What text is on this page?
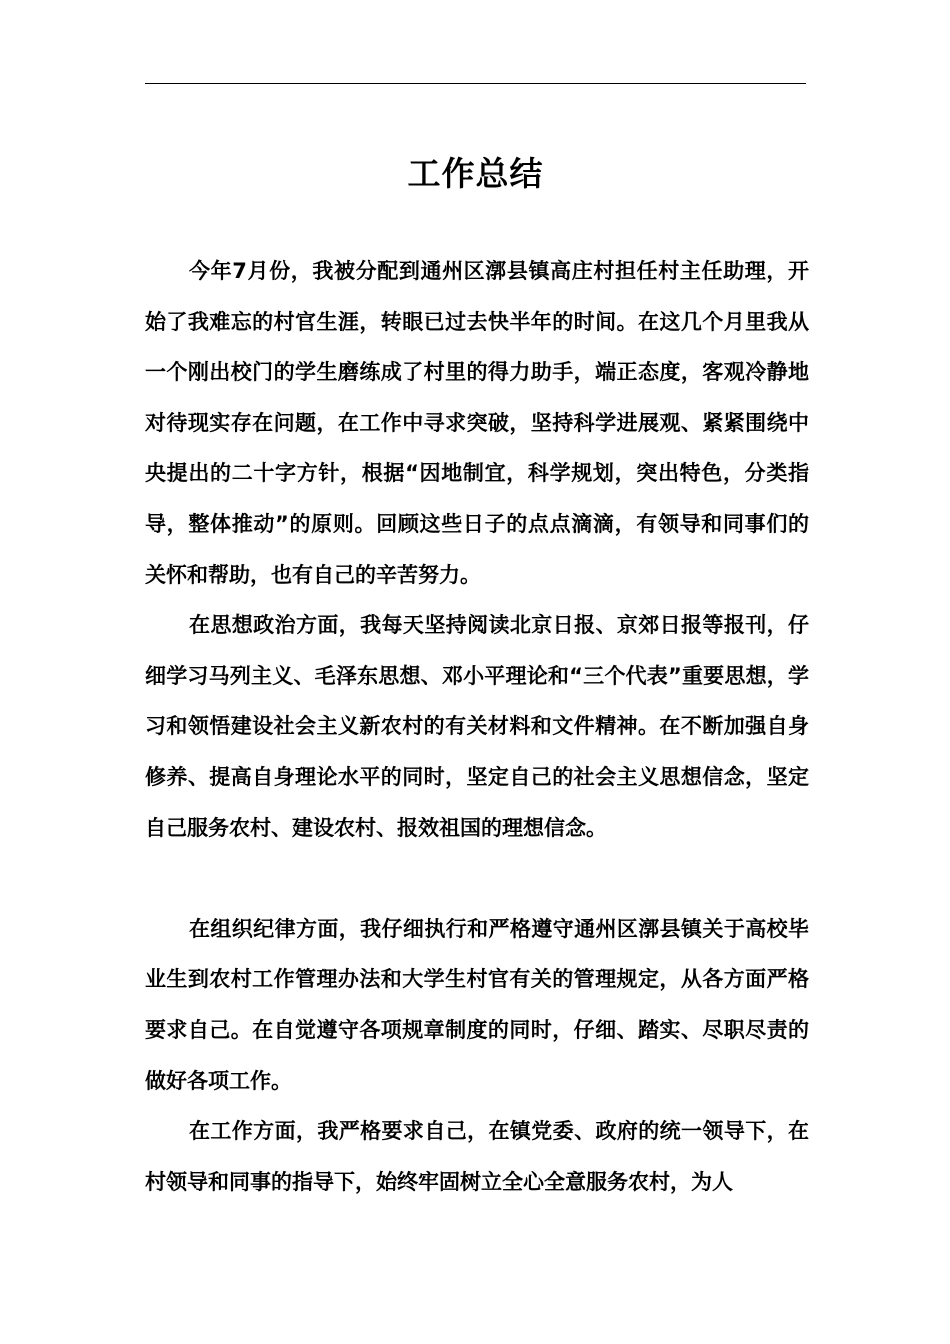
工作总结

今年7月份，我被分配到通州区漷县镇高庄村担任村主任助理，开始了我难忘的村官生涯，转眼已过去快半年的时间。在这几个月里我从一个刚出校门的学生磨练成了村里的得力助手，端正态度，客观冷静地对待现实存在问题，在工作中寻求突破，坚持科学进展观、紧紧围绕中央提出的二十字方针，根据“因地制宜，科学规划，突出特色，分类指导，整体推动”的原则。回顾这些日子的点点滴滴，有领导和同事们的关怀和帮助，也有自己的辛苦努力。

在思想政治方面，我每天坚持阅读北京日报、京郊日报等报刊，仔细学习马列主义、毛泽东思想、邓小平理论和“三个代表”重要思想，学习和领悟建设社会主义新农村的有关材料和文件精神。在不断加强自身修养、提高自身理论水平的同时，坚定自己的社会主义思想信念，坚定自己服务农村、建设农村、报效祖国的理想信念。

在组织纪律方面，我仔细执行和严格遵守通州区漷县镇关于高校毕业生到农村工作管理办法和大学生村官有关的管理规定，从各方面严格要求自己。在自觉遵守各项规章制度的同时，仔细、踏实、尽职尽责的做好各项工作。

在工作方面，我严格要求自己，在镇党委、政府的统一领导下，在村领导和同事的指导下，始终牢固树立全心全意服务农村，为人
